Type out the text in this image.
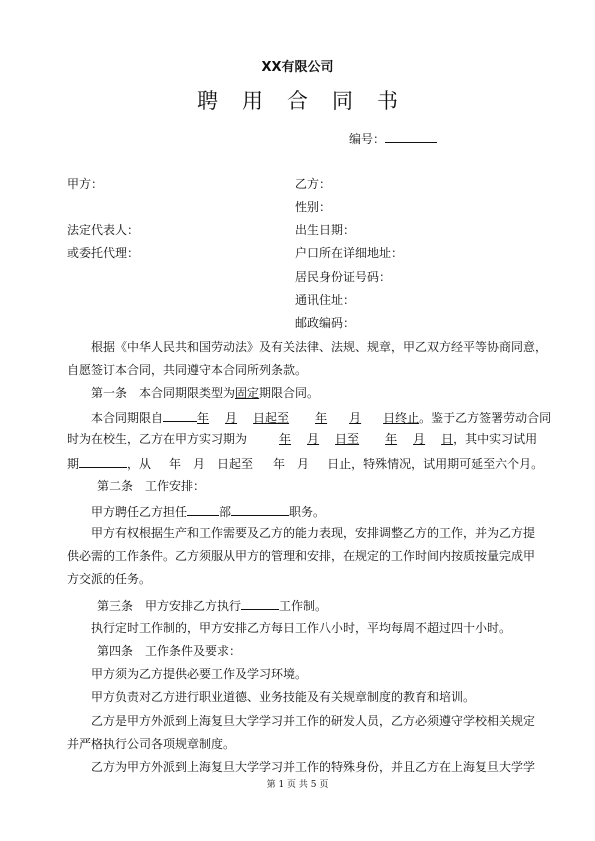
XX有限公司
聘用合同书
编号：
甲方：	乙方：
性别：
法定代表人：	出生日期：
或委托代理：	户口所在详细地址：
居民身份证号码：
通讯住址：
邮政编码：
根据《中华人民共和国劳动法》及有关法律、法规、规章，甲乙双方经平等协商同意，
自愿签订本合同，共同遵守本合同所列条款。
第一条　本合同期限类型为固定期限合同。
本合同期限自	年 月 日起至 年 月 日终止。鉴于乙方签署劳动合同
时为在校生，乙方在甲方实习期为	年 月 日至 年 月 日，其中实习试用
期	，从 年　月　日起至 年　月 日止，特殊情况，试用期可延至六个月。
第二条　工作安排：
甲方聘任乙方担任	部	职务。
甲方有权根据生产和工作需要及乙方的能力表现，安排调整乙方的工作，并为乙方提
供必需的工作条件。乙方须服从甲方的管理和安排，在规定的工作时间内按质按量完成甲
方交派的任务。
第三条　甲方安排乙方执行	工作制。
执行定时工作制的，甲方安排乙方每日工作八小时，平均每周不超过四十小时。
第四条　工作条件及要求：
甲方须为乙方提供必要工作及学习环境。
甲方负责对乙方进行职业道德、业务技能及有关规章制度的教育和培训。
乙方是甲方外派到上海复旦大学学习并工作的研发人员，乙方必须遵守学校相关规定
并严格执行公司各项规章制度。
乙方为甲方外派到上海复旦大学学习并工作的特殊身份，并且乙方在上海复旦大学学
第 1 页 共 5 页
